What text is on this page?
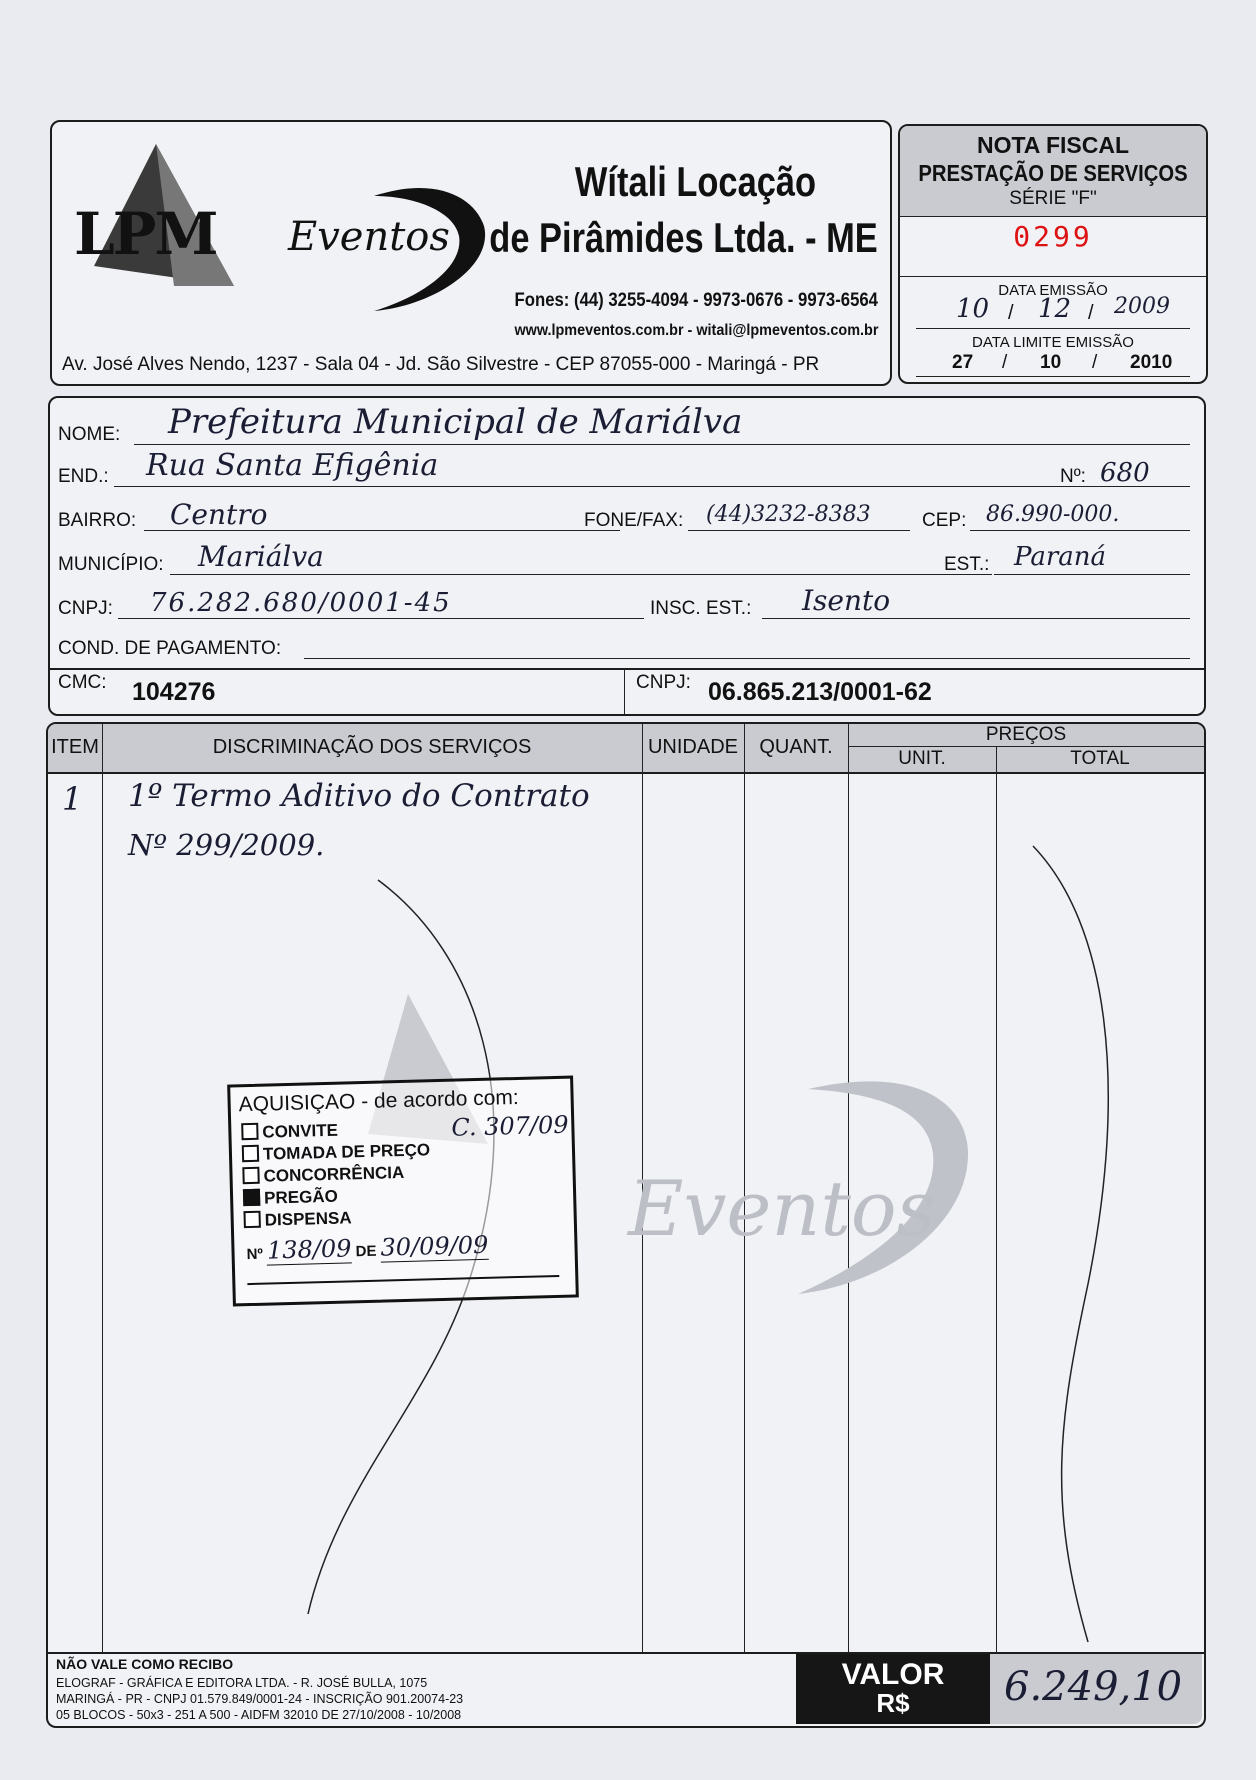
LPM Eventos
Wítali Locação
de Pirâmides Ltda. - ME
Fones: (44) 3255-4094 - 9973-0676 - 9973-6564
www.lpmeventos.com.br - witali@lpmeventos.com.br
Av. José Alves Nendo, 1237 - Sala 04 - Jd. São Silvestre - CEP 87055-000 - Maringá - PR
NOTA FISCAL
PRESTAÇÃO DE SERVIÇOS
SÉRIE "F"
0299
DATA EMISSÃO
10 / 12 / 2009
DATA LIMITE EMISSÃO
27 / 10 / 2010
NOME: Prefeitura Municipal de Mariálva
END.: Rua Santa Efigênia	Nº: 680
BAIRRO: Centro	FONE/FAX: (44)3232-8383	CEP: 86.990-000.
MUNICÍPIO: Mariálva	EST.: Paraná
CNPJ: 76.282.680/0001-45	INSC. EST.: Isento
COND. DE PAGAMENTO:
CMC: 104276	CNPJ: 06.865.213/0001-62
ITEM	DISCRIMINAÇÃO DOS SERVIÇOS	UNIDADE	QUANT.
PREÇOS
UNIT.	TOTAL
1 1º Termo Aditivo do Contrato
Nº 299/2009.
Eventos
AQUISIÇAO - de acordo com:
CONVITE
TOMADA DE PREÇO
CONCORRÊNCIA
PREGÃO
DISPENSA
C. 307/09
Nº 138/09 DE 30/09/09
NÃO VALE COMO RECIBO
ELOGRAF - GRÁFICA E EDITORA LTDA. - R. JOSÉ BULLA, 1075
MARINGÁ - PR - CNPJ 01.579.849/0001-24 - INSCRIÇÃO 901.20074-23
05 BLOCOS - 50x3 - 251 A 500 - AIDFM 32010 DE 27/10/2008 - 10/2008
VALOR
R$	6.249,10
